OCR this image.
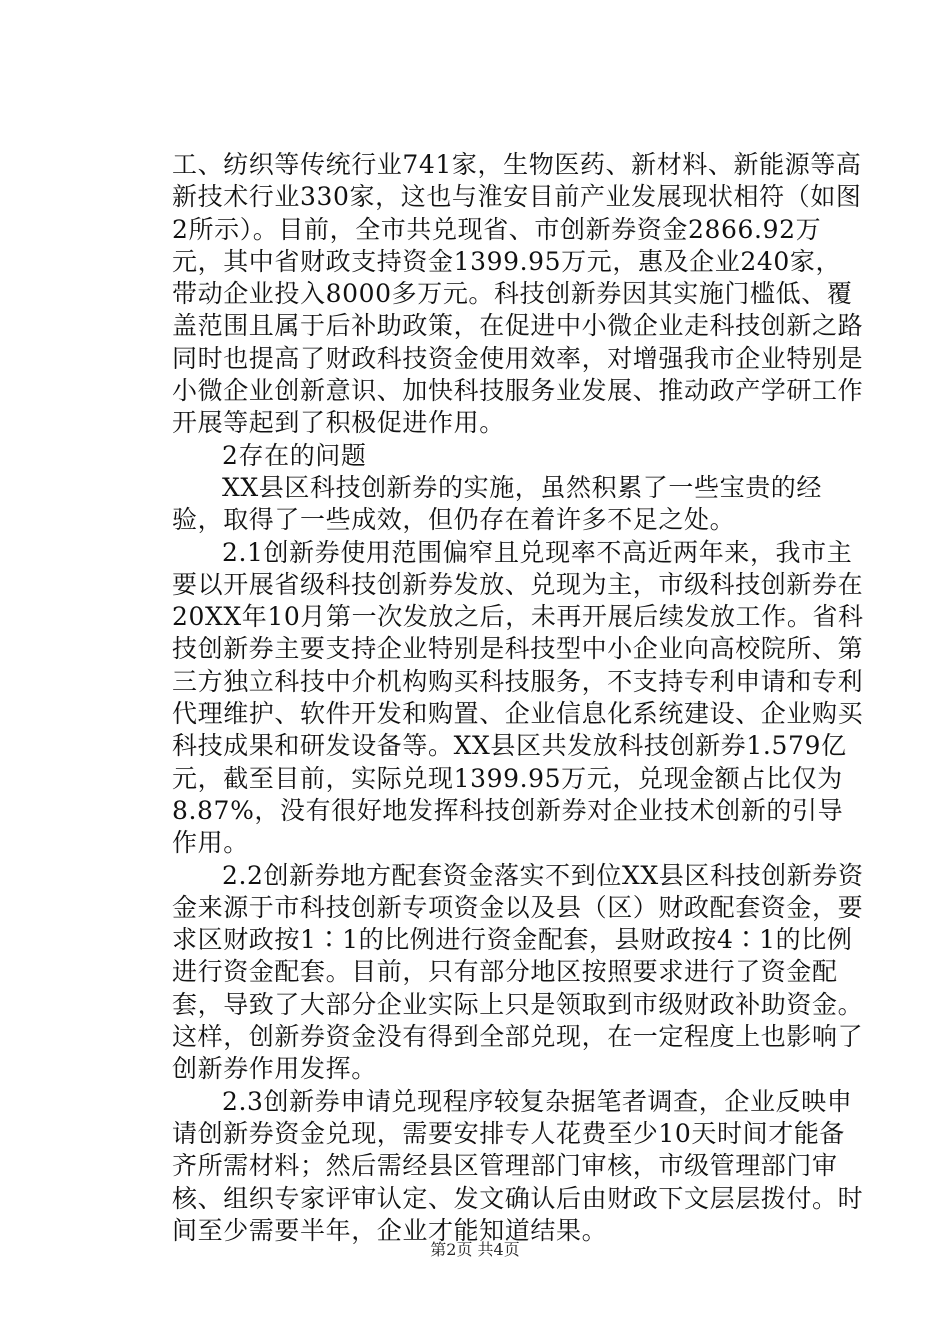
工、纺织等传统行业741家，生物医药、新材料、新能源等高新技术行业330家，这也与淮安目前产业发展现状相符（如图2所示）。目前，全市共兑现省、市创新券资金2866.92万元，其中省财政支持资金1399.95万元，惠及企业240家，带动企业投入8000多万元。科技创新券因其实施门槛低、覆盖范围且属于后补助政策，在促进中小微企业走科技创新之路同时也提高了财政科技资金使用效率，对增强我市企业特别是小微企业创新意识、加快科技服务业发展、推动政产学研工作开展等起到了积极促进作用。

2存在的问题

XX县区科技创新券的实施，虽然积累了一些宝贵的经验，取得了一些成效，但仍存在着许多不足之处。

2.1创新券使用范围偏窄且兑现率不高近两年来，我市主要以开展省级科技创新券发放、兑现为主，市级科技创新券在20XX年10月第一次发放之后，未再开展后续发放工作。省科技创新券主要支持企业特别是科技型中小企业向高校院所、第三方独立科技中介机构购买科技服务，不支持专利申请和专利代理维护、软件开发和购置、企业信息化系统建设、企业购买科技成果和研发设备等。XX县区共发放科技创新券1.579亿元，截至目前，实际兑现1399.95万元，兑现金额占比仅为8.87%，没有很好地发挥科技创新券对企业技术创新的引导作用。

2.2创新券地方配套资金落实不到位XX县区科技创新券资金来源于市科技创新专项资金以及县（区）财政配套资金，要求区财政按1∶1的比例进行资金配套，县财政按4∶1的比例进行资金配套。目前，只有部分地区按照要求进行了资金配套，导致了大部分企业实际上只是领取到市级财政补助资金。这样，创新券资金没有得到全部兑现，在一定程度上也影响了创新券作用发挥。

2.3创新券申请兑现程序较复杂据笔者调查，企业反映申请创新券资金兑现，需要安排专人花费至少10天时间才能备齐所需材料；然后需经县区管理部门审核，市级管理部门审核、组织专家评审认定、发文确认后由财政下文层层拨付。时间至少需要半年，企业才能知道结果。

第2页 共4页
